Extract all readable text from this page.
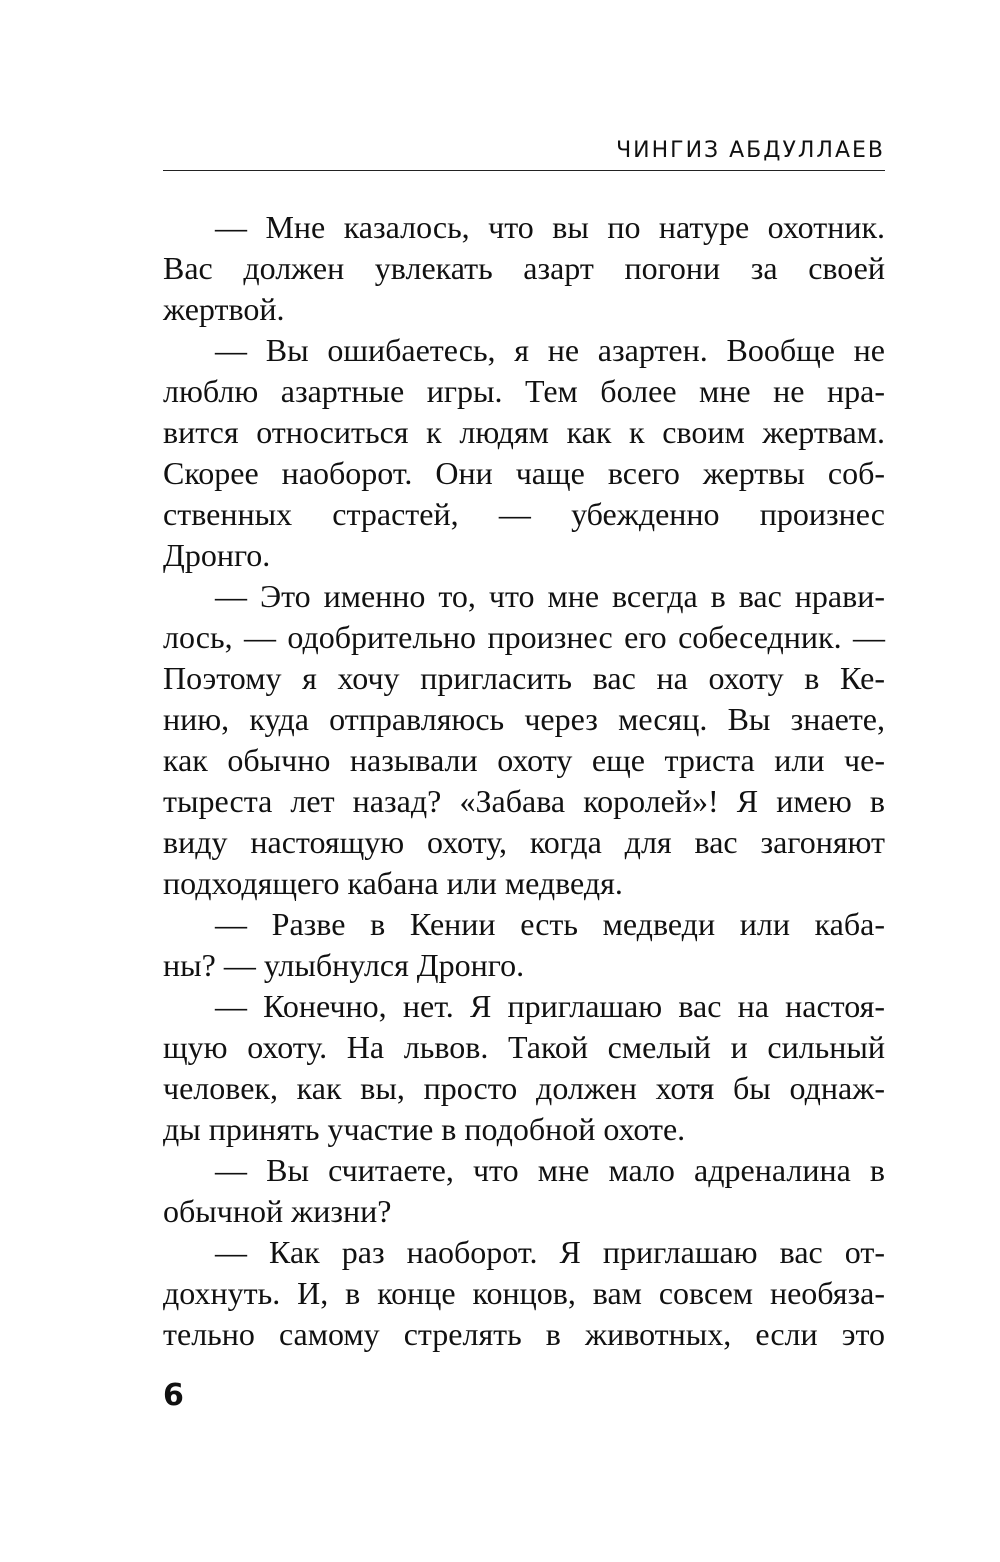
ЧИНГИЗ АБДУЛЛАЕВ
— Мне казалось, что вы по натуре охотник.
Вас должен увлекать азарт погони за своей
жертвой.
— Вы ошибаетесь, я не азартен. Вообще не
люблю азартные игры. Тем более мне не нра-
вится относиться к людям как к своим жертвам.
Скорее наоборот. Они чаще всего жертвы соб-
ственных страстей, — убежденно произнес
Дронго.
— Это именно то, что мне всегда в вас нрави-
лось, — одобрительно произнес его собеседник. —
Поэтому я хочу пригласить вас на охоту в Ке-
нию, куда отправляюсь через месяц. Вы знаете,
как обычно называли охоту еще триста или че-
тыреста лет назад? «Забава королей»! Я имею в
виду настоящую охоту, когда для вас загоняют
подходящего кабана или медведя.
— Разве в Кении есть медведи или каба-
ны? — улыбнулся Дронго.
— Конечно, нет. Я приглашаю вас на настоя-
щую охоту. На львов. Такой смелый и сильный
человек, как вы, просто должен хотя бы однаж-
ды принять участие в подобной охоте.
— Вы считаете, что мне мало адреналина в
обычной жизни?
— Как раз наоборот. Я приглашаю вас от-
дохнуть. И, в конце концов, вам совсем необяза-
тельно самому стрелять в животных, если это
6
